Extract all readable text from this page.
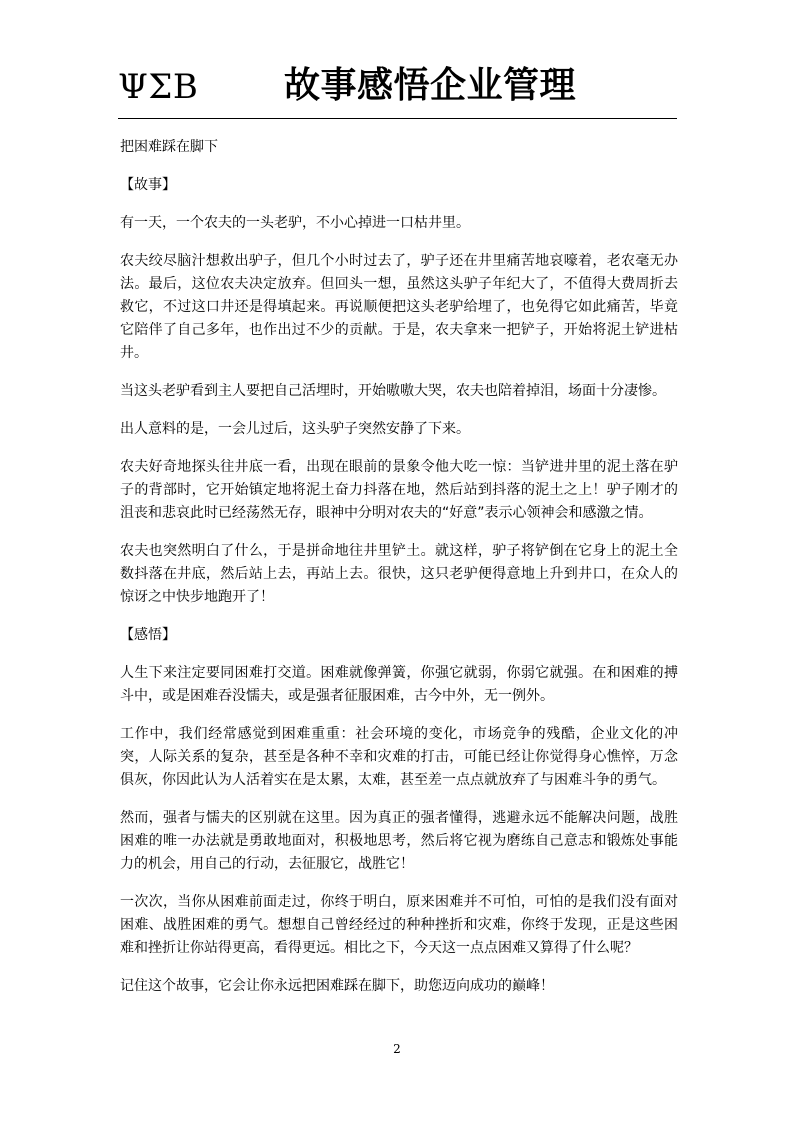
ΨΣΒ 故事感悟企业管理

把困难踩在脚下

【故事】

有一天，一个农夫的一头老驴，不小心掉进一口枯井里。

农夫绞尽脑汁想救出驴子，但几个小时过去了，驴子还在井里痛苦地哀嚎着，老农毫无办法。最后，这位农夫决定放弃。但回头一想，虽然这头驴子年纪大了，不值得大费周折去救它，不过这口井还是得填起来。再说顺便把这头老驴给埋了，也免得它如此痛苦，毕竟它陪伴了自己多年，也作出过不少的贡献。于是，农夫拿来一把铲子，开始将泥土铲进枯井。

当这头老驴看到主人要把自己活埋时，开始嗷嗷大哭，农夫也陪着掉泪，场面十分凄惨。

出人意料的是，一会儿过后，这头驴子突然安静了下来。

农夫好奇地探头往井底一看，出现在眼前的景象令他大吃一惊：当铲进井里的泥土落在驴子的背部时，它开始镇定地将泥土奋力抖落在地，然后站到抖落的泥土之上！驴子刚才的沮丧和悲哀此时已经荡然无存，眼神中分明对农夫的“好意”表示心领神会和感激之情。

农夫也突然明白了什么，于是拼命地往井里铲土。就这样，驴子将铲倒在它身上的泥土全数抖落在井底，然后站上去，再站上去。很快，这只老驴便得意地上升到井口，在众人的惊讶之中快步地跑开了！

【感悟】

人生下来注定要同困难打交道。困难就像弹簧，你强它就弱，你弱它就强。在和困难的搏斗中，或是困难吞没懦夫，或是强者征服困难，古今中外，无一例外。

工作中，我们经常感觉到困难重重：社会环境的变化，市场竞争的残酷，企业文化的冲突，人际关系的复杂，甚至是各种不幸和灾难的打击，可能已经让你觉得身心憔悴，万念俱灰，你因此认为人活着实在是太累，太难，甚至差一点点就放弃了与困难斗争的勇气。

然而，强者与懦夫的区别就在这里。因为真正的强者懂得，逃避永远不能解决问题，战胜困难的唯一办法就是勇敢地面对，积极地思考，然后将它视为磨练自己意志和锻炼处事能力的机会，用自己的行动，去征服它，战胜它！

一次次，当你从困难前面走过，你终于明白，原来困难并不可怕，可怕的是我们没有面对困难、战胜困难的勇气。想想自己曾经经过的种种挫折和灾难，你终于发现，正是这些困难和挫折让你站得更高，看得更远。相比之下，今天这一点点困难又算得了什么呢？

记住这个故事，它会让你永远把困难踩在脚下，助您迈向成功的巅峰！

2
